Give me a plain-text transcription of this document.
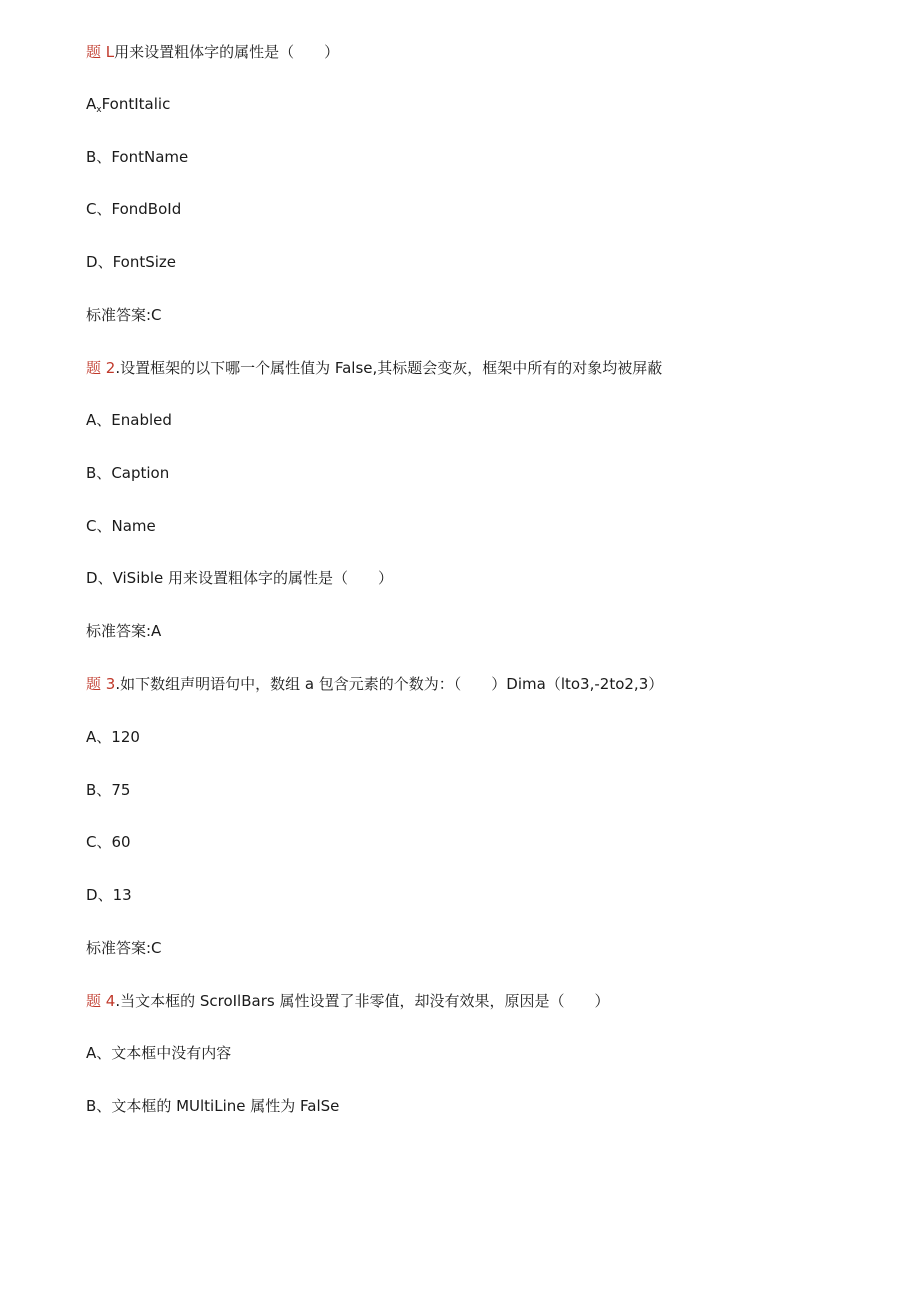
题 L用来设置粗体字的属性是（　　）
$A_xFontItalic$
B、FontName
C、FondBoId
D、FontSize
标准答案:C
题 2.设置框架的以下哪一个属性值为 False,其标题会变灰，框架中所有的对象均被屏蔽
A、Enabled
B、Caption
C、Name
D、ViSible 用来设置粗体字的属性是（　　）
标准答案:A
题 3.如下数组声明语句中，数组 a 包含元素的个数为：（　　）Dima（lto3,-2to2,3）
A、120
B、75
C、60
D、13
标准答案:C
题 4.当文本框的 ScroIlBars 属性设置了非零值，却没有效果，原因是（　　）
A、文本框中没有内容
B、文本框的 MUltiLine 属性为 FalSe
